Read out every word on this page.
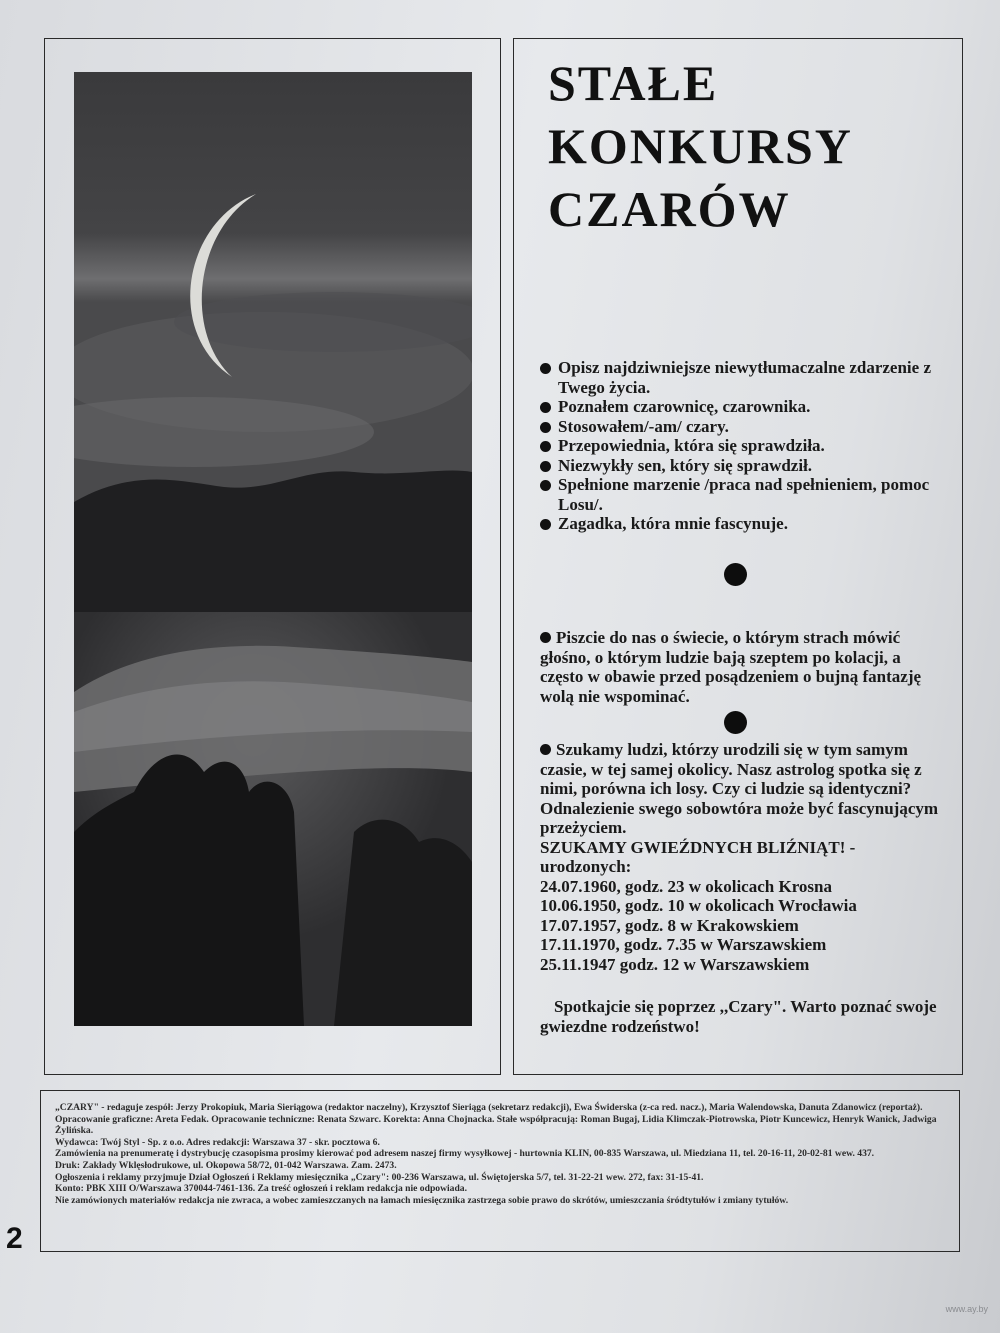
STAŁE
KONKURSY
CZARÓW
Opisz najdziwniejsze niewytłumaczalne zdarzenie z Twego życia.
Poznałem czarownicę, czarownika.
Stosowałem/-am/ czary.
Przepowiednia, która się sprawdziła.
Niezwykły sen, który się sprawdził.
Spełnione marzenie /praca nad spełnieniem, pomoc Losu/.
Zagadka, która mnie fascynuje.

Piszcie do nas o świecie, o którym strach mówić głośno, o którym ludzie bają szeptem po kolacji, a często w obawie przed posądzeniem o bujną fantazję wolą nie wspominać.

Szukamy ludzi, którzy urodzili się w tym samym czasie, w tej samej okolicy. Nasz astrolog spotka się z nimi, porówna ich losy. Czy ci ludzie są identyczni? Odnalezienie swego sobowtóra może być fascynującym przeżyciem.

SZUKAMY GWIEŹDNYCH BLIŹNIĄT! - urodzonych:

24.07.1960, godz. 23 w okolicach Krosna
10.06.1950, godz. 10 w okolicach Wrocławia
17.07.1957, godz. 8 w Krakowskiem
17.11.1970, godz. 7.35 w Warszawskiem
25.11.1947 godz. 12 w Warszawskiem

Spotkajcie się poprzez ,,Czary". Warto poznać swoje gwiezdne rodzeństwo!

„CZARY" - redaguje zespół: Jerzy Prokopiuk, Maria Sieriągowa (redaktor naczelny), Krzysztof Sieriąga (sekretarz redakcji), Ewa Świderska (z-ca red. nacz.), Maria Walendowska, Danuta Zdanowicz (reportaż). Opracowanie graficzne: Areta Fedak. Opracowanie techniczne: Renata Szwarc. Korekta: Anna Chojnacka. Stałe współpracują: Roman Bugaj, Lidia Klimczak-Piotrowska, Piotr Kuncewicz, Henryk Wanick, Jadwiga Żylińska.

Wydawca: Twój Styl - Sp. z o.o. Adres redakcji: Warszawa 37 - skr. pocztowa 6.

Zamówienia na prenumeratę i dystrybucję czasopisma prosimy kierować pod adresem naszej firmy wysyłkowej - hurtownia KLIN, 00-835 Warszawa, ul. Miedziana 11, tel. 20-16-11, 20-02-81 wew. 437.

Druk: Zakłady Wklęsłodrukowe, ul. Okopowa 58/72, 01-042 Warszawa. Zam. 2473.

Ogłoszenia i reklamy przyjmuje Dział Ogłoszeń i Reklamy miesięcznika „Czary": 00-236 Warszawa, ul. Świętojerska 5/7, tel. 31-22-21 wew. 272, fax: 31-15-41.

Konto: PBK XIII O/Warszawa 370044-7461-136. Za treść ogłoszeń i reklam redakcja nie odpowiada.

Nie zamówionych materiałów redakcja nie zwraca, a wobec zamieszczanych na łamach miesięcznika zastrzega sobie prawo do skrótów, umieszczania śródtytułów i zmiany tytułów.

2
www.ay.by
